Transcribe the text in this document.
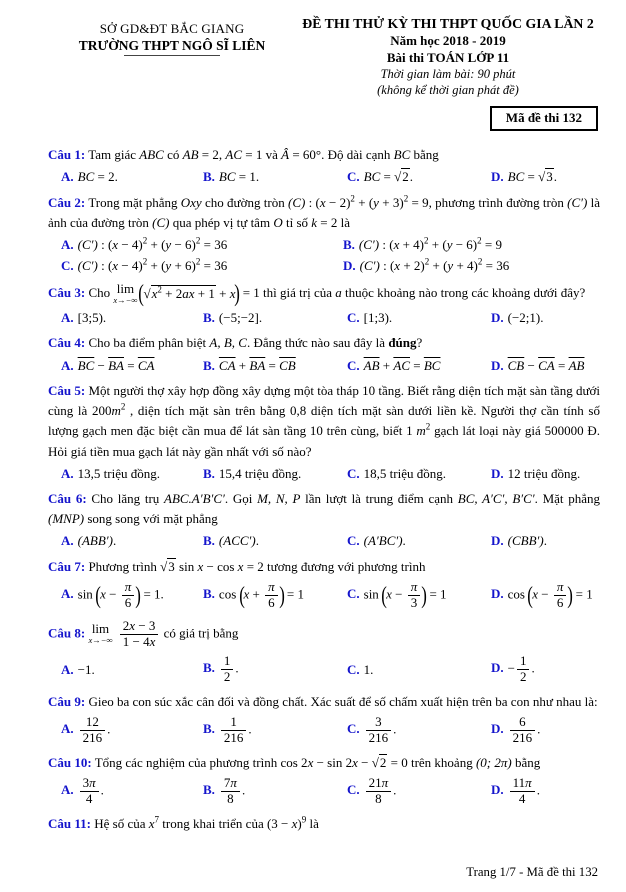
SỞ GD&ĐT BẮC GIANG
TRƯỜNG THPT NGÔ SĨ LIÊN
ĐỀ THI THỬ KỲ THI THPT QUỐC GIA LẦN 2
Năm học 2018 - 2019
Bài thi TOÁN LỚP 11
Thời gian làm bài: 90 phút
(không kể thời gian phát đề)
Mã đề thi 132
Câu 1: Tam giác ABC có AB = 2, AC = 1 và Â = 60°. Độ dài cạnh BC bằng
A. BC = 2.	B. BC = 1.	C. BC = √2.	D. BC = √3.
Câu 2: Trong mặt phẳng Oxy cho đường tròn (C) : $(x - 2)^2 + (y + 3)^2 = 9$, phương trình đường tròn (C′) là ảnh của đường tròn (C) qua phép vị tự tâm O tỉ số k = 2 là
A. (C′) : $(x - 4)^2 + (y - 6)^2 = 36$	B. (C′) : $(x + 4)^2 + (y - 6)^2 = 9$
C. (C′) : $(x - 4)^2 + (y + 6)^2 = 36$	D. (C′) : $(x + 2)^2 + (y + 4)^2 = 36$
Câu 3: Cho lim
x→−∞ ( $√x^2 + 2ax + 1 + x$ ) = 1 thì giá trị của a thuộc khoảng nào trong các khoảng dưới đây?
A. [3;5).	B. (−5;−2].	C. [1;3).	D. (−2;1).
Câu 4: Cho ba điểm phân biệt A, B, C. Đẳng thức nào sau đây là đúng?
A. $\overline{BC} - \overline{BA} = \overline{CA}$	B. $\overline{CA} + \overline{BA} = \overline{CB}$	C. $\overline{AB} + \overline{AC} = \overline{BC}$	D. $\overline{CB} - \overline{CA} = \overline{AB}$
Câu 5: Một người thợ xây hợp đồng xây dựng một tòa tháp 10 tầng. Biết rằng diện tích mặt sàn tầng dưới cùng là $200m^2$ , diện tích mặt sàn trên bằng 0,8 diện tích mặt sàn dưới liền kề. Người thợ cần tính số lượng gạch men đặc biệt cần mua để lát sàn tầng 10 trên cùng, biết 1 $m^2$ gạch lát loại này giá 500000 Đ. Hỏi giá tiền mua gạch lát này gần nhất với số nào?
A. 13,5 triệu đồng.	B. 15,4 triệu đồng.	C. 18,5 triệu đồng.	D. 12 triệu đồng.
Câu 6: Cho lăng trụ ABC.A′B′C′. Gọi M, N, P lần lượt là trung điểm cạnh BC, A′C′, B′C′. Mặt phẳng (MNP) song song với mặt phẳng
A. (ABB′).	B. (ACC′).	C. (A′BC′).	D. (CBB′).
Câu 7: Phương trình √3 sin x − cos x = 2 tương đương với phương trình
A. sin ( $x - \frac{\pi}{6}$ ) = 1.	B. cos ( $x + \frac{\pi}{6}$ ) = 1	C. sin ( $x - \frac{\pi}{3}$ ) = 1	D. cos ( $x - \frac{\pi}{6}$ ) = 1
Câu 8: lim
x→−∞
$\frac{2x - 3}{1 - 4x}$ có giá trị bằng
A. −1.	B. $\frac{1}{2}$ .	C. 1.	D. − $\frac{1}{2}$ .
Câu 9: Gieo ba con súc xắc cân đối và đồng chất. Xác suất để số chấm xuất hiện trên ba con như nhau là:
A. $\frac{12}{216}$ .	B. $\frac{1}{216}$ .	C. $\frac{3}{216}$ .	D. $\frac{6}{216}$ .
Câu 10: Tổng các nghiệm của phương trình cos 2x − sin 2x − √2 = 0 trên khoảng (0; 2π) bằng
A. $\frac{3\pi}{4}$ .	B. $\frac{7\pi}{8}$ .	C. $\frac{21\pi}{8}$ .	D. $\frac{11\pi}{4}$ .
Câu 11: Hệ số của $x^7$ trong khai triển của $(3 - x)^9$ là
Trang 1/7 - Mã đề thi 132
